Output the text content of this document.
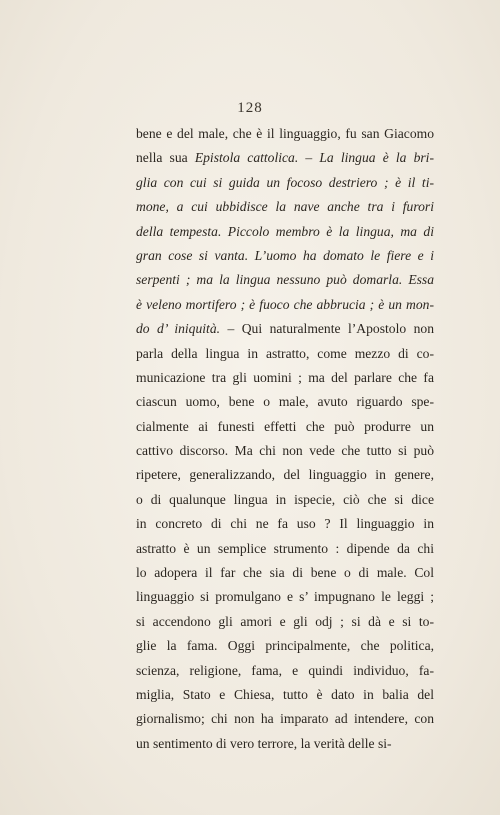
128
bene e del male, che è il linguaggio, fu san Giacomo
nella sua Epistola cattolica. – La lingua è la bri-
glia con cui si guida un focoso destriero ; è il ti-
mone, a cui ubbidisce la nave anche tra i furori
della tempesta. Piccolo membro è la lingua, ma di
gran cose si vanta. L’uomo ha domato le fiere e i
serpenti ; ma la lingua nessuno può domarla. Essa
è veleno mortifero ; è fuoco che abbrucia ; è un mon-
do d’ iniquità. – Qui naturalmente l’Apostolo non
parla della lingua in astratto, come mezzo di co-
municazione tra gli uomini ; ma del parlare che fa
ciascun uomo, bene o male, avuto riguardo spe-
cialmente ai funesti effetti che può produrre un
cattivo discorso. Ma chi non vede che tutto si può
ripetere, generalizzando, del linguaggio in genere,
o di qualunque lingua in ispecie, ciò che si dice
in concreto di chi ne fa uso ? Il linguaggio in
astratto è un semplice strumento : dipende da chi
lo adopera il far che sia di bene o di male. Col
linguaggio si promulgano e s’ impugnano le leggi ;
si accendono gli amori e gli odj ; si dà e si to-
glie la fama. Oggi principalmente, che politica,
scienza, religione, fama, e quindi individuo, fa-
miglia, Stato e Chiesa, tutto è dato in balia del
giornalismo; chi non ha imparato ad intendere, con
un sentimento di vero terrore, la verità delle si-
